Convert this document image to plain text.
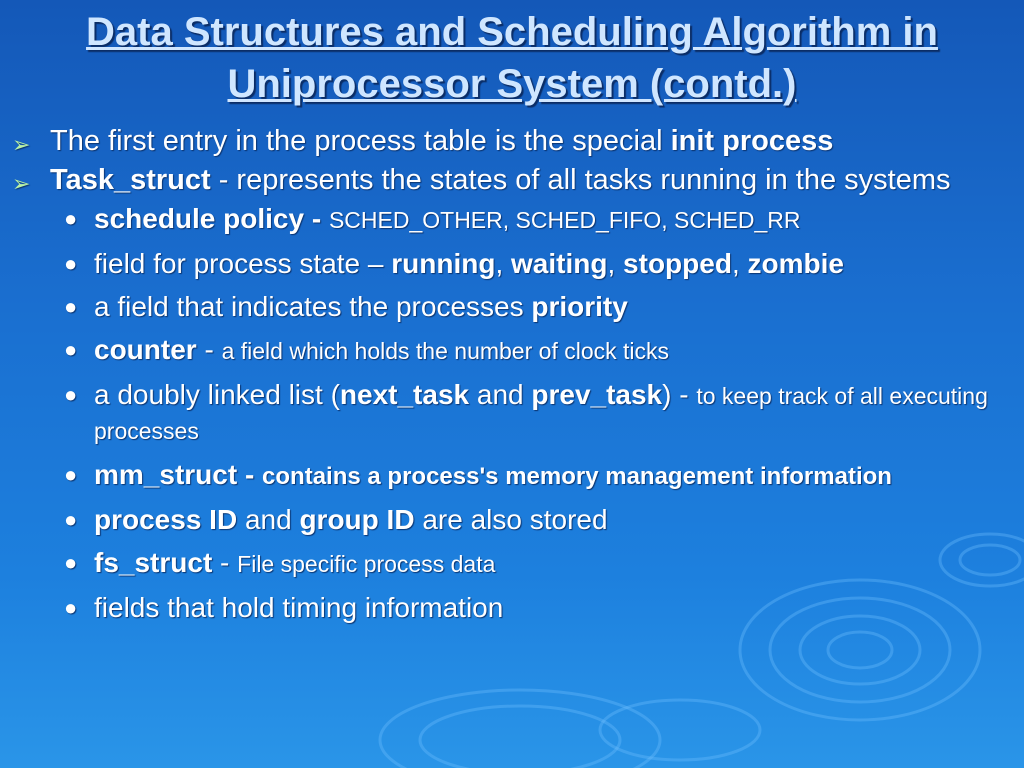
Data Structures and Scheduling Algorithm in
Uniprocessor System (contd.)
➢ The first entry in the process table is the special init process
➢ Task_struct - represents the states of all tasks running in the systems
● schedule policy - SCHED_OTHER, SCHED_FIFO, SCHED_RR
● field for process state – running, waiting, stopped, zombie
● a field that indicates the processes priority
● counter - a field which holds the number of clock ticks
● a doubly linked list (next_task and prev_task) - to keep track of all executing processes
● mm_struct - contains a process's memory management information
● process ID and group ID are also stored
● fs_struct - File specific process data
● fields that hold timing information
